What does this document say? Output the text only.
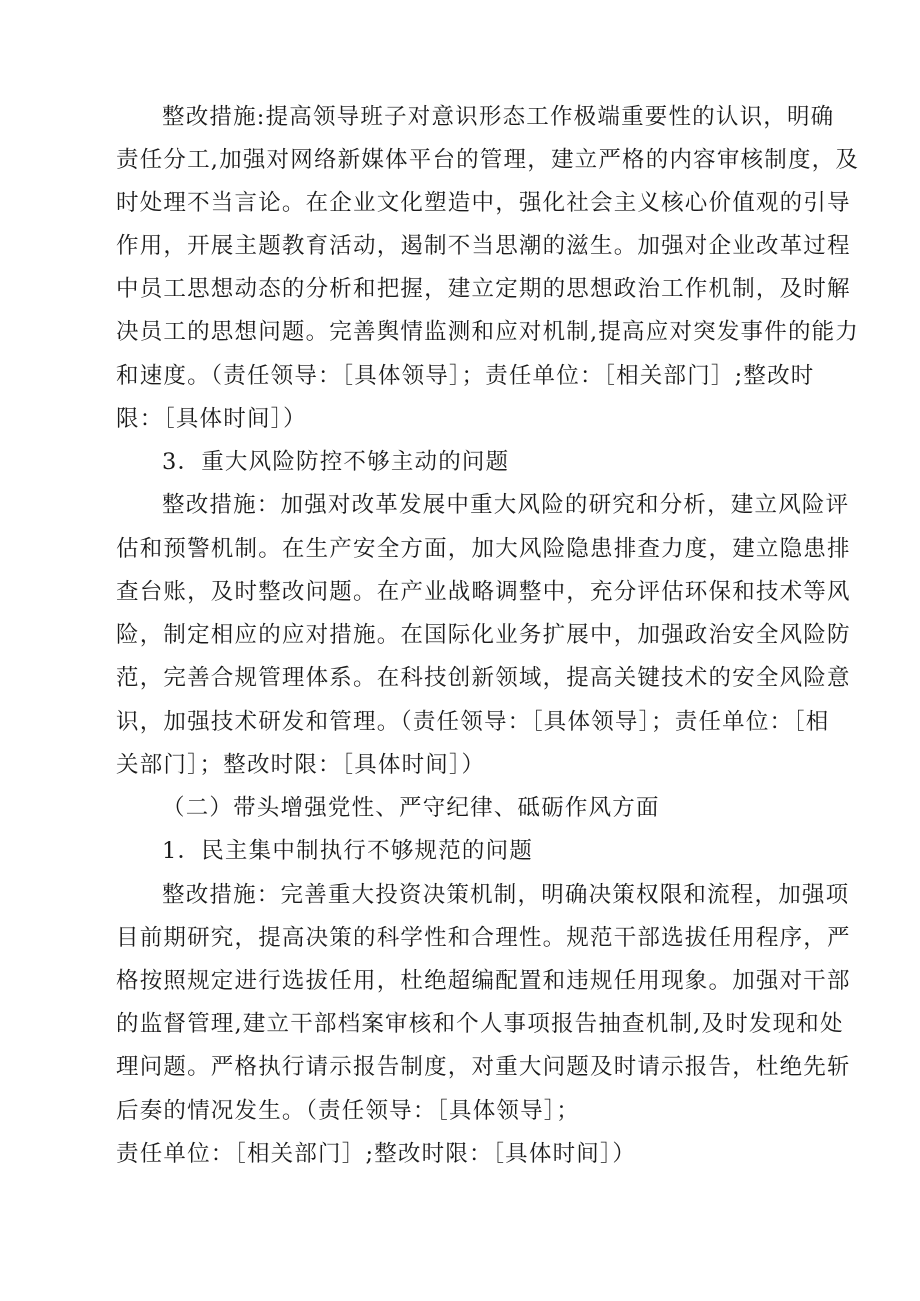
整改措施:提高领导班子对意识形态工作极端重要性的认识，明确
责任分工,加强对网络新媒体平台的管理，建立严格的内容审核制度，及
时处理不当言论。在企业文化塑造中，强化社会主义核心价值观的引导
作用，开展主题教育活动，遏制不当思潮的滋生。加强对企业改革过程
中员工思想动态的分析和把握，建立定期的思想政治工作机制，及时解
决员工的思想问题。完善舆情监测和应对机制,提高应对突发事件的能力
和速度。（责任领导：［具体领导］；责任单位：［相关部门］;整改时
限：［具体时间］）
3．重大风险防控不够主动的问题
整改措施：加强对改革发展中重大风险的研究和分析，建立风险评
估和预警机制。在生产安全方面，加大风险隐患排查力度，建立隐患排
查台账，及时整改问题。在产业战略调整中，充分评估环保和技术等风
险，制定相应的应对措施。在国际化业务扩展中，加强政治安全风险防
范，完善合规管理体系。在科技创新领域，提高关键技术的安全风险意
识，加强技术研发和管理。（责任领导：［具体领导］；责任单位：［相
关部门］；整改时限：［具体时间］）
（二）带头增强党性、严守纪律、砥砺作风方面
1．民主集中制执行不够规范的问题
整改措施：完善重大投资决策机制，明确决策权限和流程，加强项
目前期研究，提高决策的科学性和合理性。规范干部选拔任用程序，严
格按照规定进行选拔任用，杜绝超编配置和违规任用现象。加强对干部
的监督管理,建立干部档案审核和个人事项报告抽查机制,及时发现和处
理问题。严格执行请示报告制度，对重大问题及时请示报告，杜绝先斩
后奏的情况发生。（责任领导：［具体领导］；
责任单位：［相关部门］;整改时限：［具体时间］）
